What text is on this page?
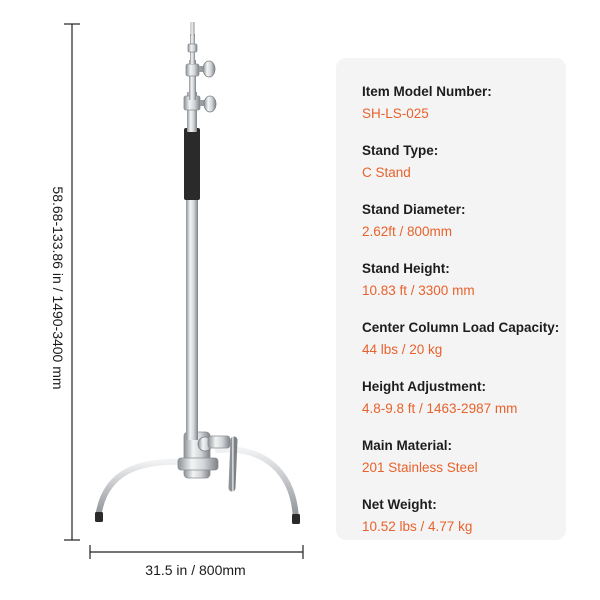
58.68-133.86 in / 1490-3400 mm
31.5 in / 800mm
Item Model Number:
SH-LS-025
Stand Type:
C Stand
Stand Diameter:
2.62ft / 800mm
Stand Height:
10.83 ft / 3300 mm
Center Column Load Capacity:
44 lbs / 20 kg
Height Adjustment:
4.8-9.8 ft / 1463-2987 mm
Main Material:
201 Stainless Steel
Net Weight:
10.52 lbs / 4.77 kg
